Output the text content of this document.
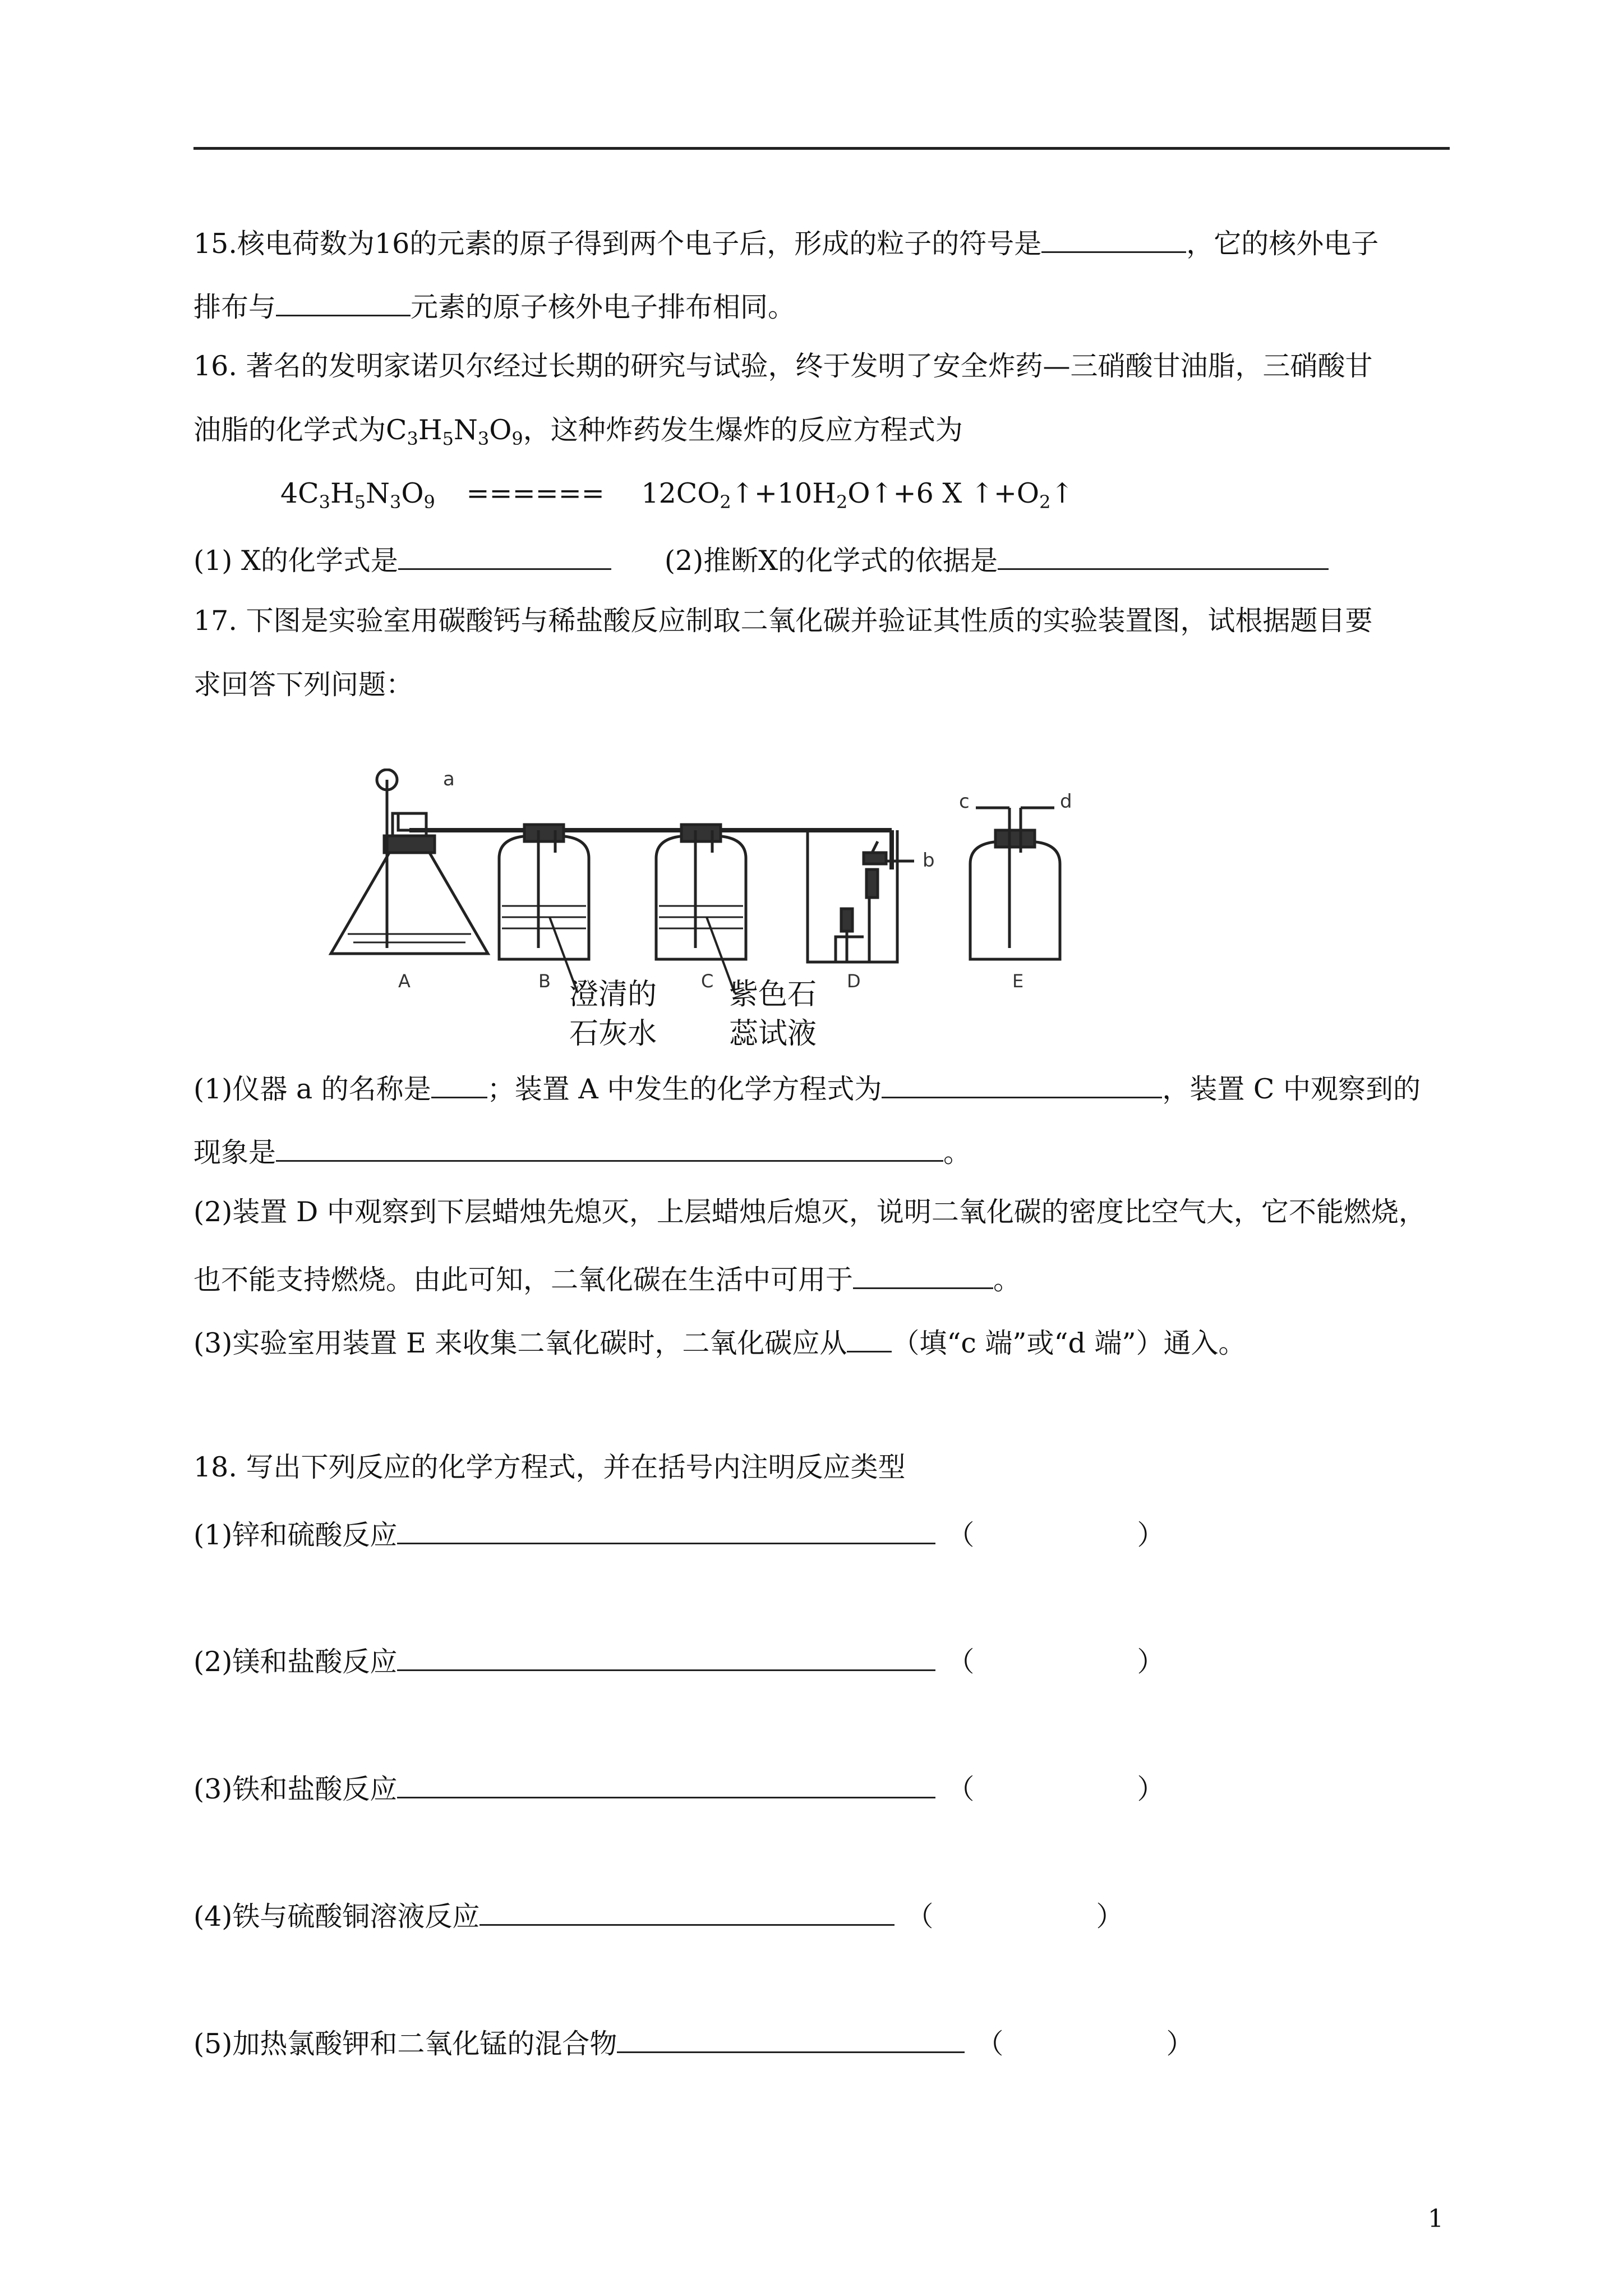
15.核电荷数为16的元素的原子得到两个电子后，形成的粒子的符号是	，它的核外电子
排布与	元素的原子核外电子排布相同。
16. 著名的发明家诺贝尔经过长期的研究与试验，终于发明了安全炸药—三硝酸甘油脂，三硝酸甘
油脂的化学式为$C_3H_5N_3O_9$，这种炸药发生爆炸的反应方程式为
$4C_3H_5N_3O_9$ ====== $12CO_2↑+10H_2O↑+6$ X $↑+O_2↑$
(1) X的化学式是	(2)推断X的化学式的依据是
17. 下图是实验室用碳酸钙与稀盐酸反应制取二氧化碳并验证其性质的实验装置图，试根据题目要
求回答下列问题：
A	B	C	D	E
a
b
c	d
澄清的
石灰水
紫色石
蕊试液
(1)仪器 a 的名称是 ；装置 A 中发生的化学方程式为	，装置 C 中观察到的
现象是	。
(2)装置 D 中观察到下层蜡烛先熄灭，上层蜡烛后熄灭，说明二氧化碳的密度比空气大，它不能燃烧，
也不能支持燃烧。由此可知，二氧化碳在生活中可用于	。
(3)实验室用装置 E 来收集二氧化碳时，二氧化碳应从 （填“c 端”或“d 端”）通入。
18. 写出下列反应的化学方程式，并在括号内注明反应类型
(1)锌和硫酸反应	（	）
(2)镁和盐酸反应	（	）
(3)铁和盐酸反应	（	）
(4)铁与硫酸铜溶液反应	（	）
(5)加热氯酸钾和二氧化锰的混合物	（	）
1
